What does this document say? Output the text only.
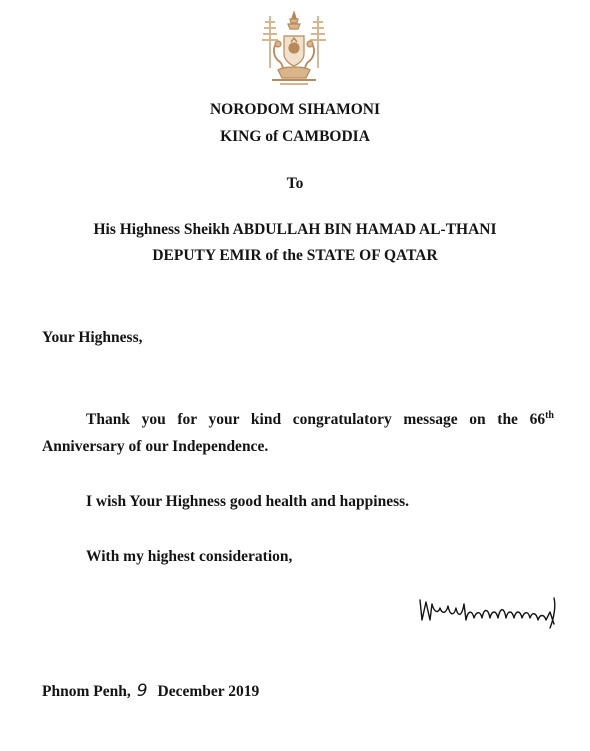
NORODOM SIHAMONI
KING of CAMBODIA
To
His Highness Sheikh ABDULLAH BIN HAMAD AL-THANI
DEPUTY EMIR of the STATE OF QATAR
Your Highness,
Thank you for your kind congratulatory message on the 66th
Anniversary of our Independence.
I wish Your Highness good health and happiness.
With my highest consideration,
Phnom Penh, 9 December 2019
